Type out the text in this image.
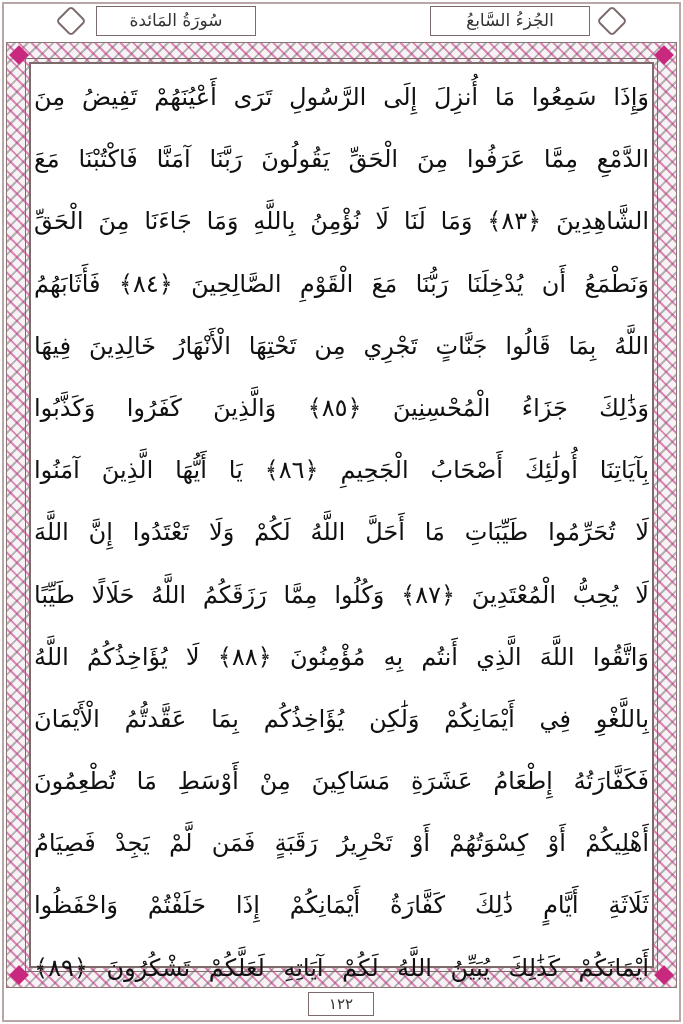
سُورَةُ المَائدة	الجُزءُ السَّابعُ
وَإِذَا سَمِعُوا مَا أُنزِلَ إِلَى الرَّسُولِ تَرَى أَعْيُنَهُمْ تَفِيضُ مِنَ
الدَّمْعِ مِمَّا عَرَفُوا مِنَ الْحَقِّ يَقُولُونَ رَبَّنَا آمَنَّا فَاكْتُبْنَا مَعَ
الشَّاهِدِينَ ﴿٨٣﴾ وَمَا لَنَا لَا نُؤْمِنُ بِاللَّهِ وَمَا جَاءَنَا مِنَ الْحَقِّ
وَنَطْمَعُ أَن يُدْخِلَنَا رَبُّنَا مَعَ الْقَوْمِ الصَّالِحِينَ ﴿٨٤﴾ فَأَثَابَهُمُ
اللَّهُ بِمَا قَالُوا جَنَّاتٍ تَجْرِي مِن تَحْتِهَا الْأَنْهَارُ خَالِدِينَ فِيهَا
وَذَٰلِكَ جَزَاءُ الْمُحْسِنِينَ ﴿٨٥﴾ وَالَّذِينَ كَفَرُوا وَكَذَّبُوا
بِآيَاتِنَا أُولَٰئِكَ أَصْحَابُ الْجَحِيمِ ﴿٨٦﴾ يَا أَيُّهَا الَّذِينَ آمَنُوا
لَا تُحَرِّمُوا طَيِّبَاتِ مَا أَحَلَّ اللَّهُ لَكُمْ وَلَا تَعْتَدُوا إِنَّ اللَّهَ
لَا يُحِبُّ الْمُعْتَدِينَ ﴿٨٧﴾ وَكُلُوا مِمَّا رَزَقَكُمُ اللَّهُ حَلَالًا طَيِّبًا
وَاتَّقُوا اللَّهَ الَّذِي أَنتُم بِهِ مُؤْمِنُونَ ﴿٨٨﴾ لَا يُؤَاخِذُكُمُ اللَّهُ
بِاللَّغْوِ فِي أَيْمَانِكُمْ وَلَٰكِن يُؤَاخِذُكُم بِمَا عَقَّدتُّمُ الْأَيْمَانَ
فَكَفَّارَتُهُ إِطْعَامُ عَشَرَةِ مَسَاكِينَ مِنْ أَوْسَطِ مَا تُطْعِمُونَ
أَهْلِيكُمْ أَوْ كِسْوَتُهُمْ أَوْ تَحْرِيرُ رَقَبَةٍ فَمَن لَّمْ يَجِدْ فَصِيَامُ
ثَلَاثَةِ أَيَّامٍ ذَٰلِكَ كَفَّارَةُ أَيْمَانِكُمْ إِذَا حَلَفْتُمْ وَاحْفَظُوا
أَيْمَانَكُمْ كَذَٰلِكَ يُبَيِّنُ اللَّهُ لَكُمْ آيَاتِهِ لَعَلَّكُمْ تَشْكُرُونَ ﴿٨٩﴾
١٢٢
